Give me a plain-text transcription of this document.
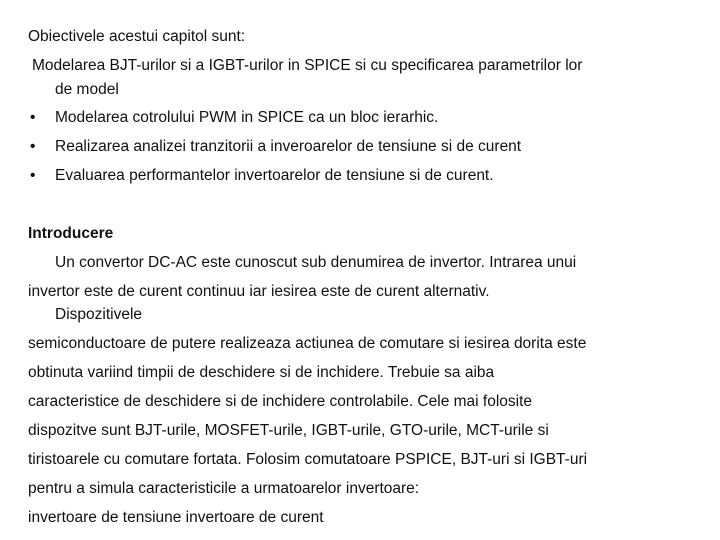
Obiectivele acestui capitol sunt:
Modelarea BJT-urilor si a IGBT-urilor in SPICE si cu specificarea parametrilor lor
de model
• Modelarea cotrolului PWM in SPICE ca un bloc ierarhic.
• Realizarea analizei tranzitorii a inveroarelor de tensiune si de curent
• Evaluarea performantelor invertoarelor de tensiune si de curent.
Introducere
Un convertor DC-AC este cunoscut sub denumirea de invertor. Intrarea unui
invertor este de curent continuu iar iesirea este de curent alternativ.
Dispozitivele
semiconductoare de putere realizeaza actiunea de comutare si iesirea dorita este
obtinuta variind timpii de deschidere si de inchidere. Trebuie sa aiba
caracteristice de deschidere si de inchidere controlabile. Cele mai folosite
dispozitve sunt BJT-urile, MOSFET-urile, IGBT-urile, GTO-urile, MCT-urile si
tiristoarele cu comutare fortata. Folosim comutatoare PSPICE, BJT-uri si IGBT-uri
pentru a simula caracteristicile a urmatoarelor invertoare:
invertoare de tensiune invertoare de curent
